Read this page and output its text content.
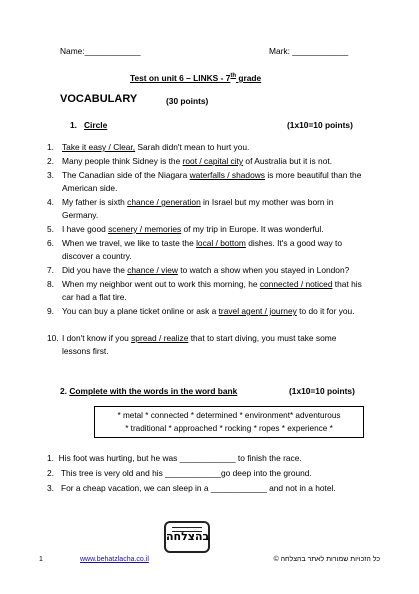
Name:____________	Mark: ____________
Test on unit 6 – LINKS - 7th grade
VOCABULARY	(30 points)
1. Circle	(1x10=10 points)
1. Take it easy / Clear, Sarah didn't mean to hurt you.
2. Many people think Sidney is the root / capital city of Australia but it is not.
3. The Canadian side of the Niagara waterfalls / shadows is more beautiful than the American side.
4. My father is sixth chance / generation in Israel but my mother was born in Germany.
5. I have good scenery / memories of my trip in Europe. It was wonderful.
6. When we travel, we like to taste the local / bottom dishes. It's a good way to discover a country.
7. Did you have the chance / view to watch a show when you stayed in London?
8. When my neighbor went out to work this morning, he connected / noticed that his car had a flat tire.
9. You can buy a plane ticket online or ask a travel agent / journey to do it for you.
10. I don't know if you spread / realize that to start diving, you must take some lessons first.
2. Complete with the words in the word bank	(1x10=10 points)
* metal * connected * determined * environment* adventurous
* traditional * approached * rocking * ropes * experience *
1. His foot was hurting, but he was ____________ to finish the race.
2.   This tree is very old and his ____________go deep into the ground.
3.   For a cheap vacation, we can sleep in a ____________ and not in a hotel.
בהצלחה
1	www.behatzlacha.co.il	כל הזכויות שמורות לאתר בהצלחה ©
